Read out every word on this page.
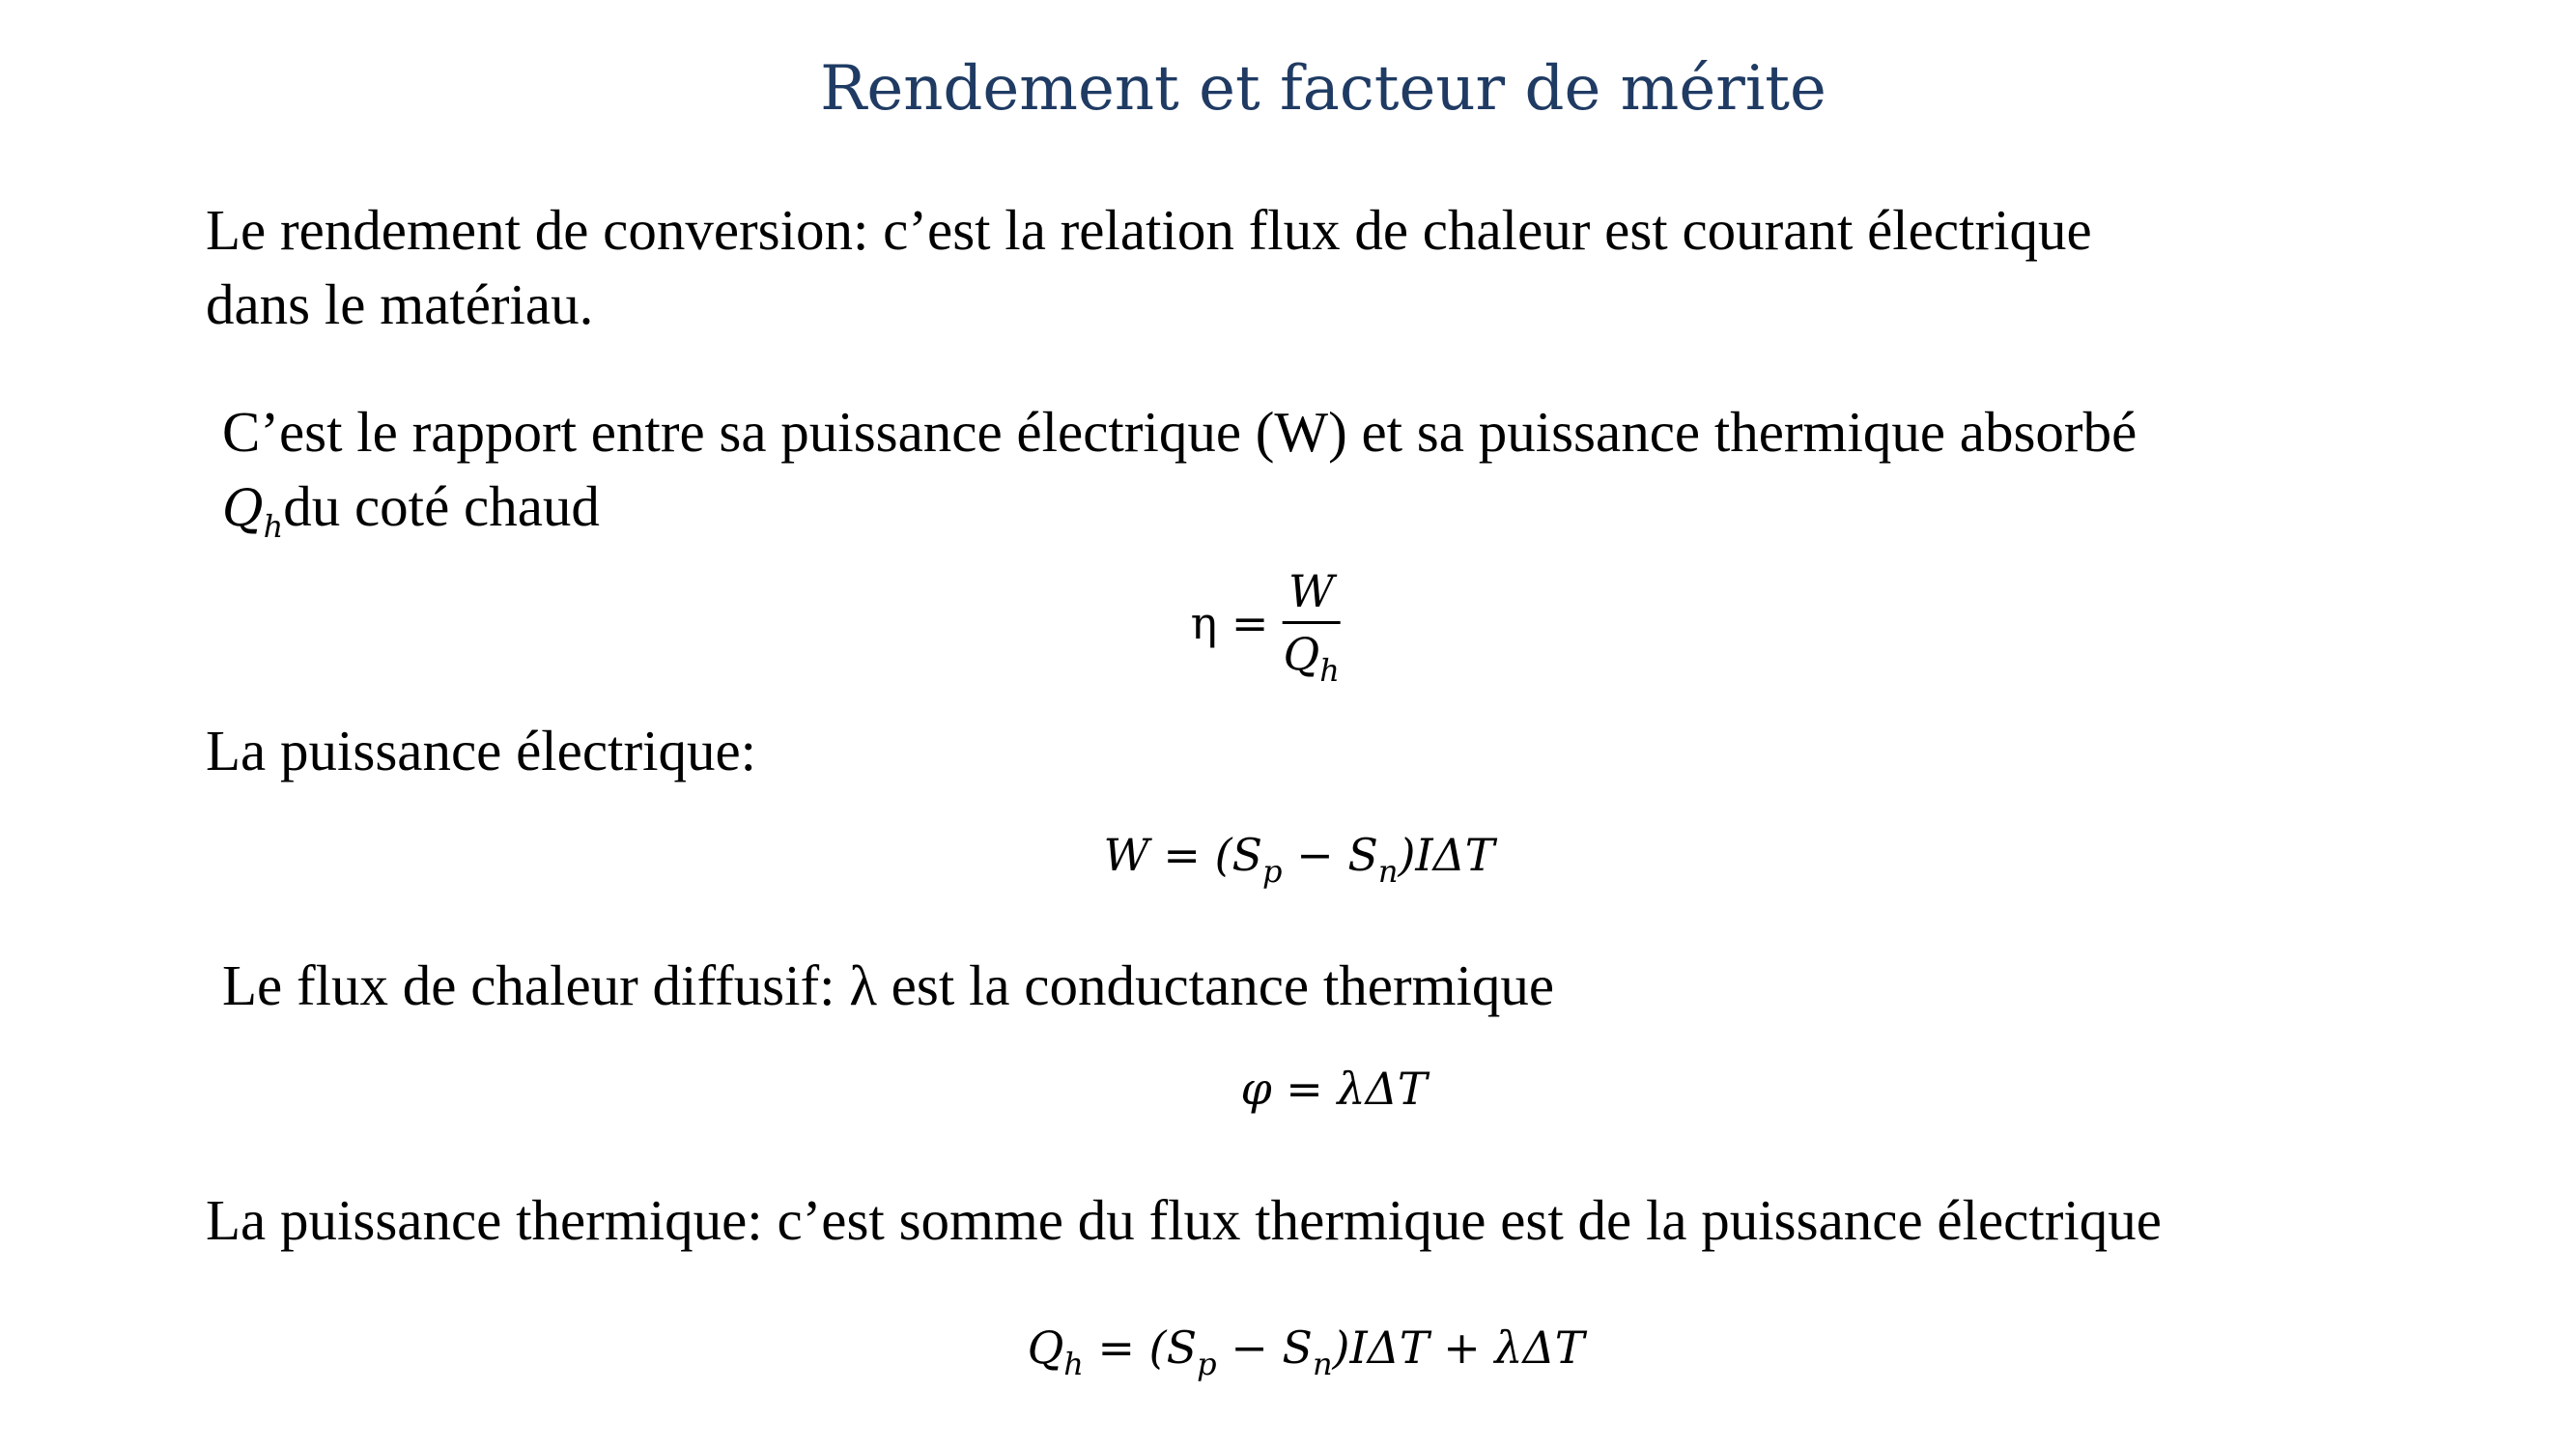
Rendement et facteur de mérite
Le rendement de conversion: c’est la relation flux de chaleur est courant électrique
dans le matériau.
C’est le rapport entre sa puissance électrique (W) et sa puissance thermique absorbé
$Q_hdu$ coté chaud
$\eta = \frac{W}{Q_h}$
La puissance électrique:
$W = (S_p - S_n)I\Delta T$
Le flux de chaleur diffusif: λ est la conductance thermique
φ = λΔT
La puissance thermique: c’est somme du flux thermique est de la puissance électrique
$Q_h = (S_p - S_n)I\Delta T + \lambda\Delta T$
